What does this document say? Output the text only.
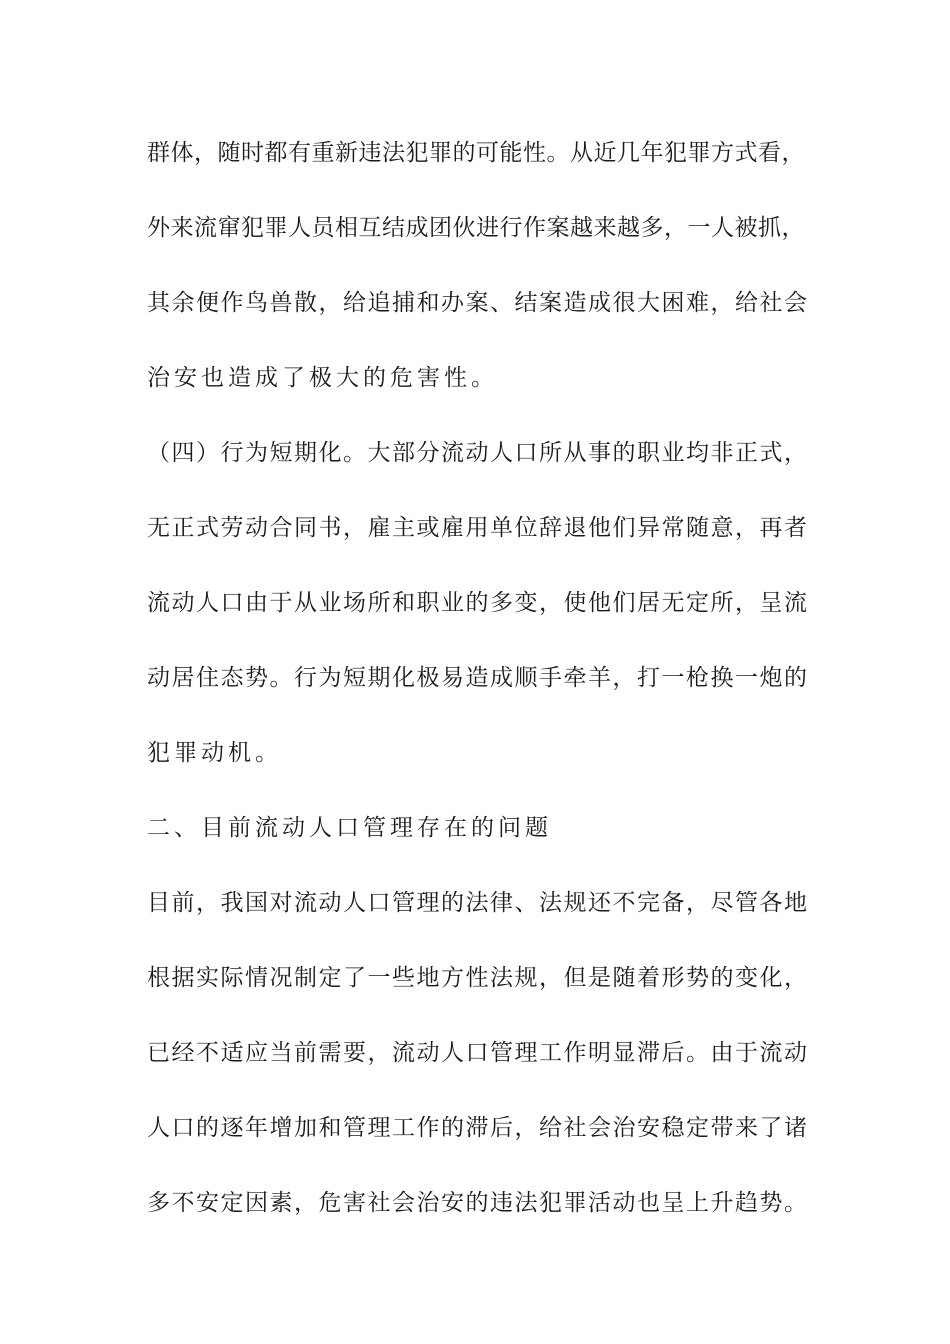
群体，随时都有重新违法犯罪的可能性。从近几年犯罪方式看，
外来流窜犯罪人员相互结成团伙进行作案越来越多，一人被抓，
其余便作鸟兽散，给追捕和办案、结案造成很大困难，给社会
治安也造成了极大的危害性。
（四）行为短期化。大部分流动人口所从事的职业均非正式，
无正式劳动合同书，雇主或雇用单位辞退他们异常随意，再者
流动人口由于从业场所和职业的多变，使他们居无定所，呈流
动居住态势。行为短期化极易造成顺手牵羊，打一枪换一炮的
犯罪动机。
二、目前流动人口管理存在的问题
目前，我国对流动人口管理的法律、法规还不完备，尽管各地
根据实际情况制定了一些地方性法规，但是随着形势的变化，
已经不适应当前需要，流动人口管理工作明显滞后。由于流动
人口的逐年增加和管理工作的滞后，给社会治安稳定带来了诸
多不安定因素，危害社会治安的违法犯罪活动也呈上升趋势。
